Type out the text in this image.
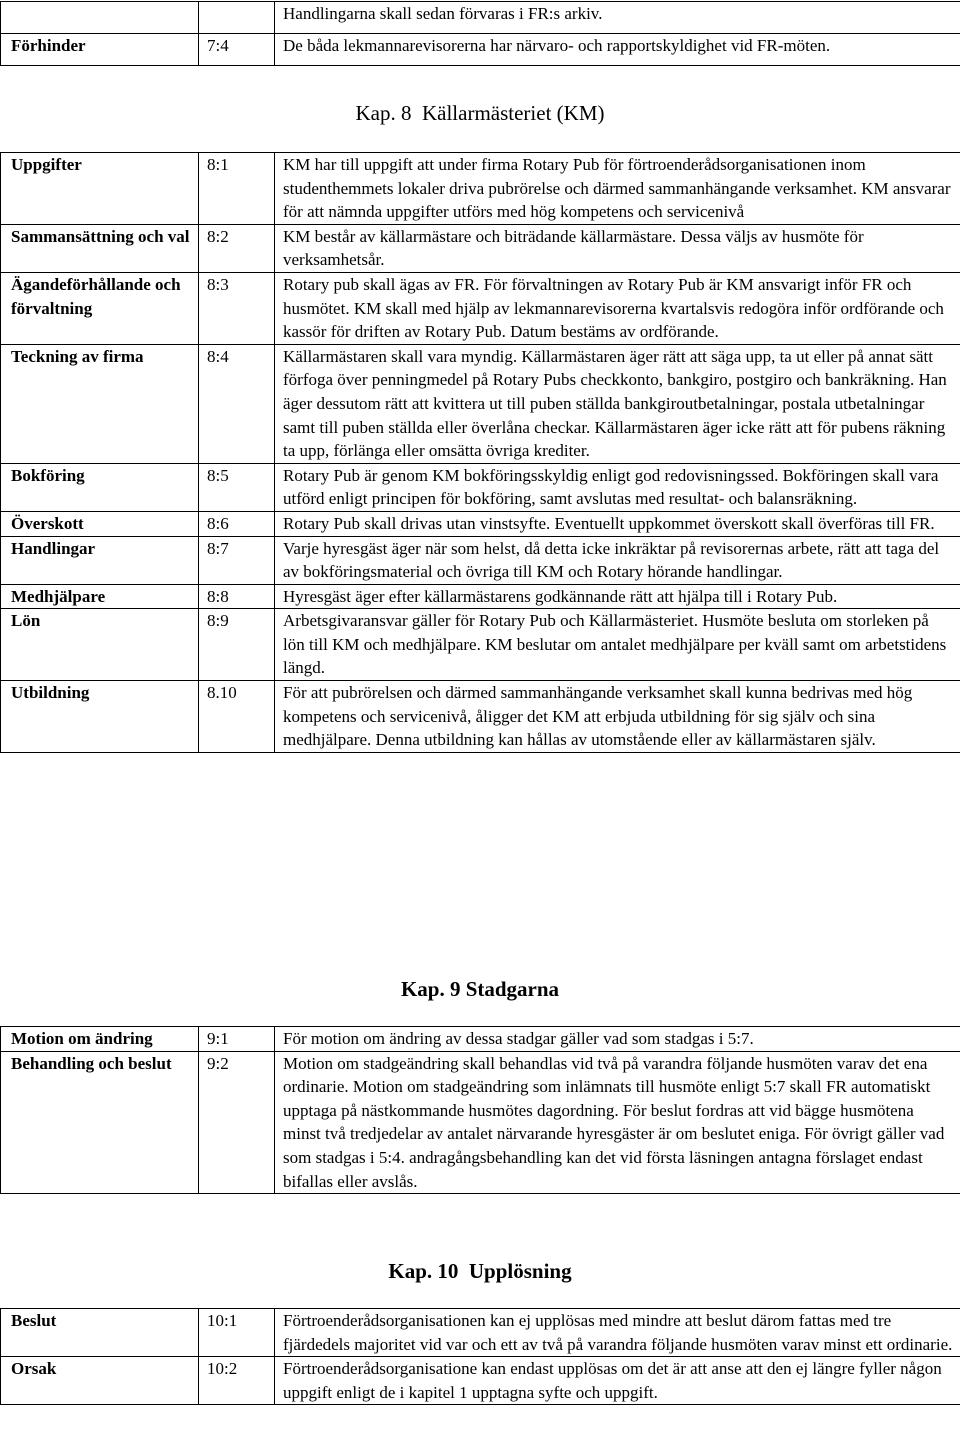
		Handlingarna skall sedan förvaras i FR:s arkiv.
Förhinder	7:4	De båda lekmannarevisorerna har närvaro- och rapportskyldighet vid FR-möten.
Kap. 8 Källarmästeriet (KM)
Uppgifter	8:1	KM har till uppgift att under firma Rotary Pub för förtroenderådsorganisationen inom studenthemmets lokaler driva pubrörelse och därmed sammanhängande verksamhet. KM ansvarar för att nämnda uppgifter utförs med hög kompetens och servicenivå
Sammansättning och val	8:2	KM består av källarmästare och biträdande källarmästare. Dessa väljs av husmöte för verksamhetsår.
Ägandeförhållande och förvaltning	8:3	Rotary pub skall ägas av FR. För förvaltningen av Rotary Pub är KM ansvarigt inför FR och husmötet. KM skall med hjälp av lekmannarevisorerna kvartalsvis redogöra inför ordförande och kassör för driften av Rotary Pub. Datum bestäms av ordförande.
Teckning av firma	8:4	Källarmästaren skall vara myndig. Källarmästaren äger rätt att säga upp, ta ut eller på annat sätt förfoga över penningmedel på Rotary Pubs checkkonto, bankgiro, postgiro och bankräkning. Han äger dessutom rätt att kvittera ut till puben ställda bankgiroutbetalningar, postala utbetalningar samt till puben ställda eller överlåna checkar. Källarmästaren äger icke rätt att för pubens räkning ta upp, förlänga eller omsätta övriga krediter.
Bokföring	8:5	Rotary Pub är genom KM bokföringsskyldig enligt god redovisningssed. Bokföringen skall vara utförd enligt principen för bokföring, samt avslutas med resultat- och balansräkning.
Överskott	8:6	Rotary Pub skall drivas utan vinstsyfte. Eventuellt uppkommet överskott skall överföras till FR.
Handlingar	8:7	Varje hyresgäst äger när som helst, då detta icke inkräktar på revisorernas arbete, rätt att taga del av bokföringsmaterial och övriga till KM och Rotary hörande handlingar.
Medhjälpare	8:8	Hyresgäst äger efter källarmästarens godkännande rätt att hjälpa till i Rotary Pub.
Lön	8:9	Arbetsgivaransvar gäller för Rotary Pub och Källarmästeriet. Husmöte besluta om storleken på lön till KM och medhjälpare. KM beslutar om antalet medhjälpare per kväll samt om arbetstidens längd.
Utbildning	8.10	För att pubrörelsen och därmed sammanhängande verksamhet skall kunna bedrivas med hög kompetens och servicenivå, åligger det KM att erbjuda utbildning för sig själv och sina medhjälpare. Denna utbildning kan hållas av utomstående eller av källarmästaren själv.
Kap. 9 Stadgarna
Motion om ändring	9:1	För motion om ändring av dessa stadgar gäller vad som stadgas i 5:7.
Behandling och beslut	9:2	Motion om stadgeändring skall behandlas vid två på varandra följande husmöten varav det ena ordinarie. Motion om stadgeändring som inlämnats till husmöte enligt 5:7 skall FR automatiskt upptaga på nästkommande husmötes dagordning. För beslut fordras att vid bägge husmötena minst två tredjedelar av antalet närvarande hyresgäster är om beslutet eniga. För övrigt gäller vad som stadgas i 5:4. andragångsbehandling kan det vid första läsningen antagna förslaget endast bifallas eller avslås.
Kap. 10 Upplösning
Beslut	10:1	Förtroenderådsorganisationen kan ej upplösas med mindre att beslut därom fattas med tre fjärdedels majoritet vid var och ett av två på varandra följande husmöten varav minst ett ordinarie.
Orsak	10:2	Förtroenderådsorganisatione kan endast upplösas om det är att anse att den ej längre fyller någon uppgift enligt de i kapitel 1 upptagna syfte och uppgift.
